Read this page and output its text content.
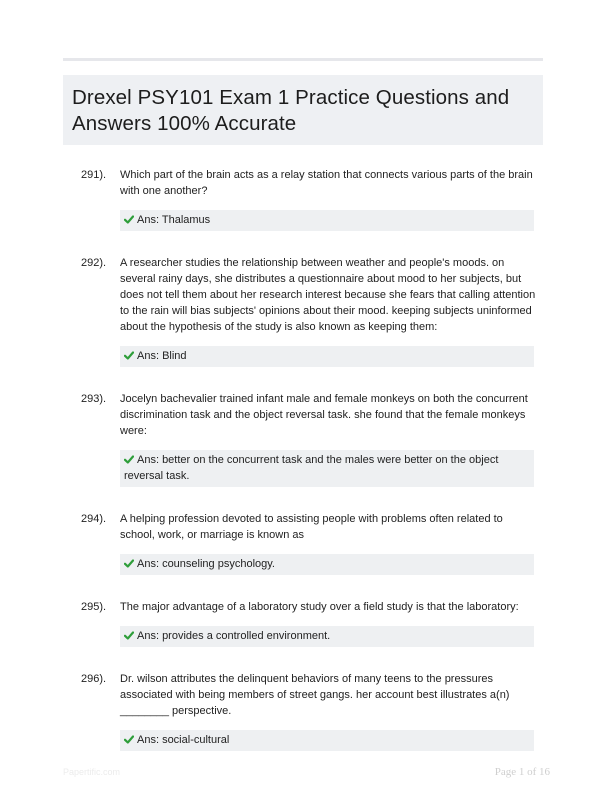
Drexel PSY101 Exam 1 Practice Questions and Answers 100% Accurate
291). Which part of the brain acts as a relay station that connects various parts of the brain with one another?
Ans: Thalamus
292). A researcher studies the relationship between weather and people's moods. on several rainy days, she distributes a questionnaire about mood to her subjects, but does not tell them about her research interest because she fears that calling attention to the rain will bias subjects' opinions about their mood. keeping subjects uninformed about the hypothesis of the study is also known as keeping them:
Ans: Blind
293). Jocelyn bachevalier trained infant male and female monkeys on both the concurrent discrimination task and the object reversal task. she found that the female monkeys were:
Ans: better on the concurrent task and the males were better on the object reversal task.
294). A helping profession devoted to assisting people with problems often related to school, work, or marriage is known as
Ans: counseling psychology.
295). The major advantage of a laboratory study over a field study is that the laboratory:
Ans: provides a controlled environment.
296). Dr. wilson attributes the delinquent behaviors of many teens to the pressures associated with being members of street gangs. her account best illustrates a(n) ________ perspective.
Ans: social-cultural
Papertific.com	Page 1 of 16
